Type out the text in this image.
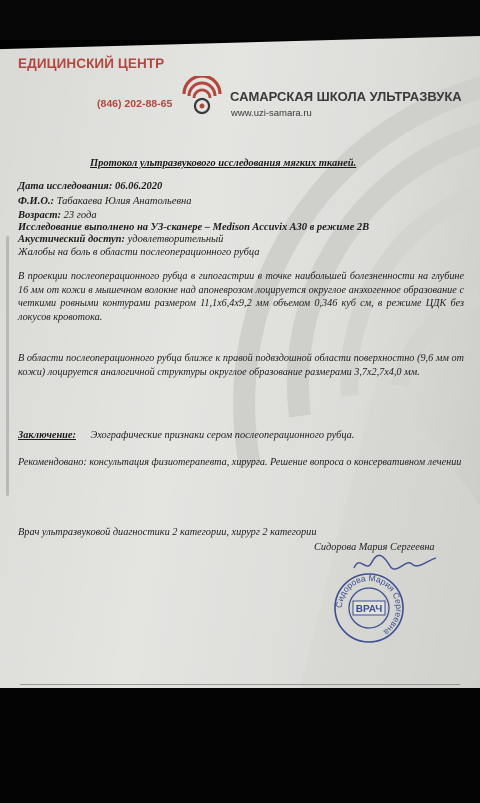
ЕДИЦИНСКИЙ ЦЕНТР
(846) 202-88-65	САМАРСКАЯ ШКОЛА УЛЬТРАЗВУКА
www.uzi-samara.ru
Протокол ультразвукового исследования мягких тканей.
Дата исследования: 06.06.2020
Ф.И.О.: Табакаева Юлия Анатольевна
Возраст: 23 года
Исследование выполнено на УЗ-сканере – Medison Accuvix A30 в режиме 2В
Акустический доступ: удовлетворительный
Жалобы на боль в области послеоперационного рубца
В проекции послеоперационного рубца в гипогастрии в точке наибольшей болезненности на глубине 16 мм от кожи в мышечном волокне над апоневрозом лоцируется округлое анэхогенное образование с четкими ровными контурами размером 11,1х6,4х9,2 мм объемом 0,346 куб см, в режиме ЦДК без локусов кровотока.
В области послеоперационного рубца ближе к правой подвздошной области поверхностно (9,6 мм от кожи) лоцируется аналогичной структуры округлое образование размерами 3,7х2,7х4,0 мм.
Заключение: Эхографические признаки сером послеоперационного рубца.
Рекомендовано: консультация физиотерапевта, хирурга. Решение вопроса о консервативном лечении
Врач ультразвуковой диагностики 2 категории, хирург 2 категории
Сидорова Мария Сергеевна
Сидорова Мария Сергеевна
ВРАЧ
